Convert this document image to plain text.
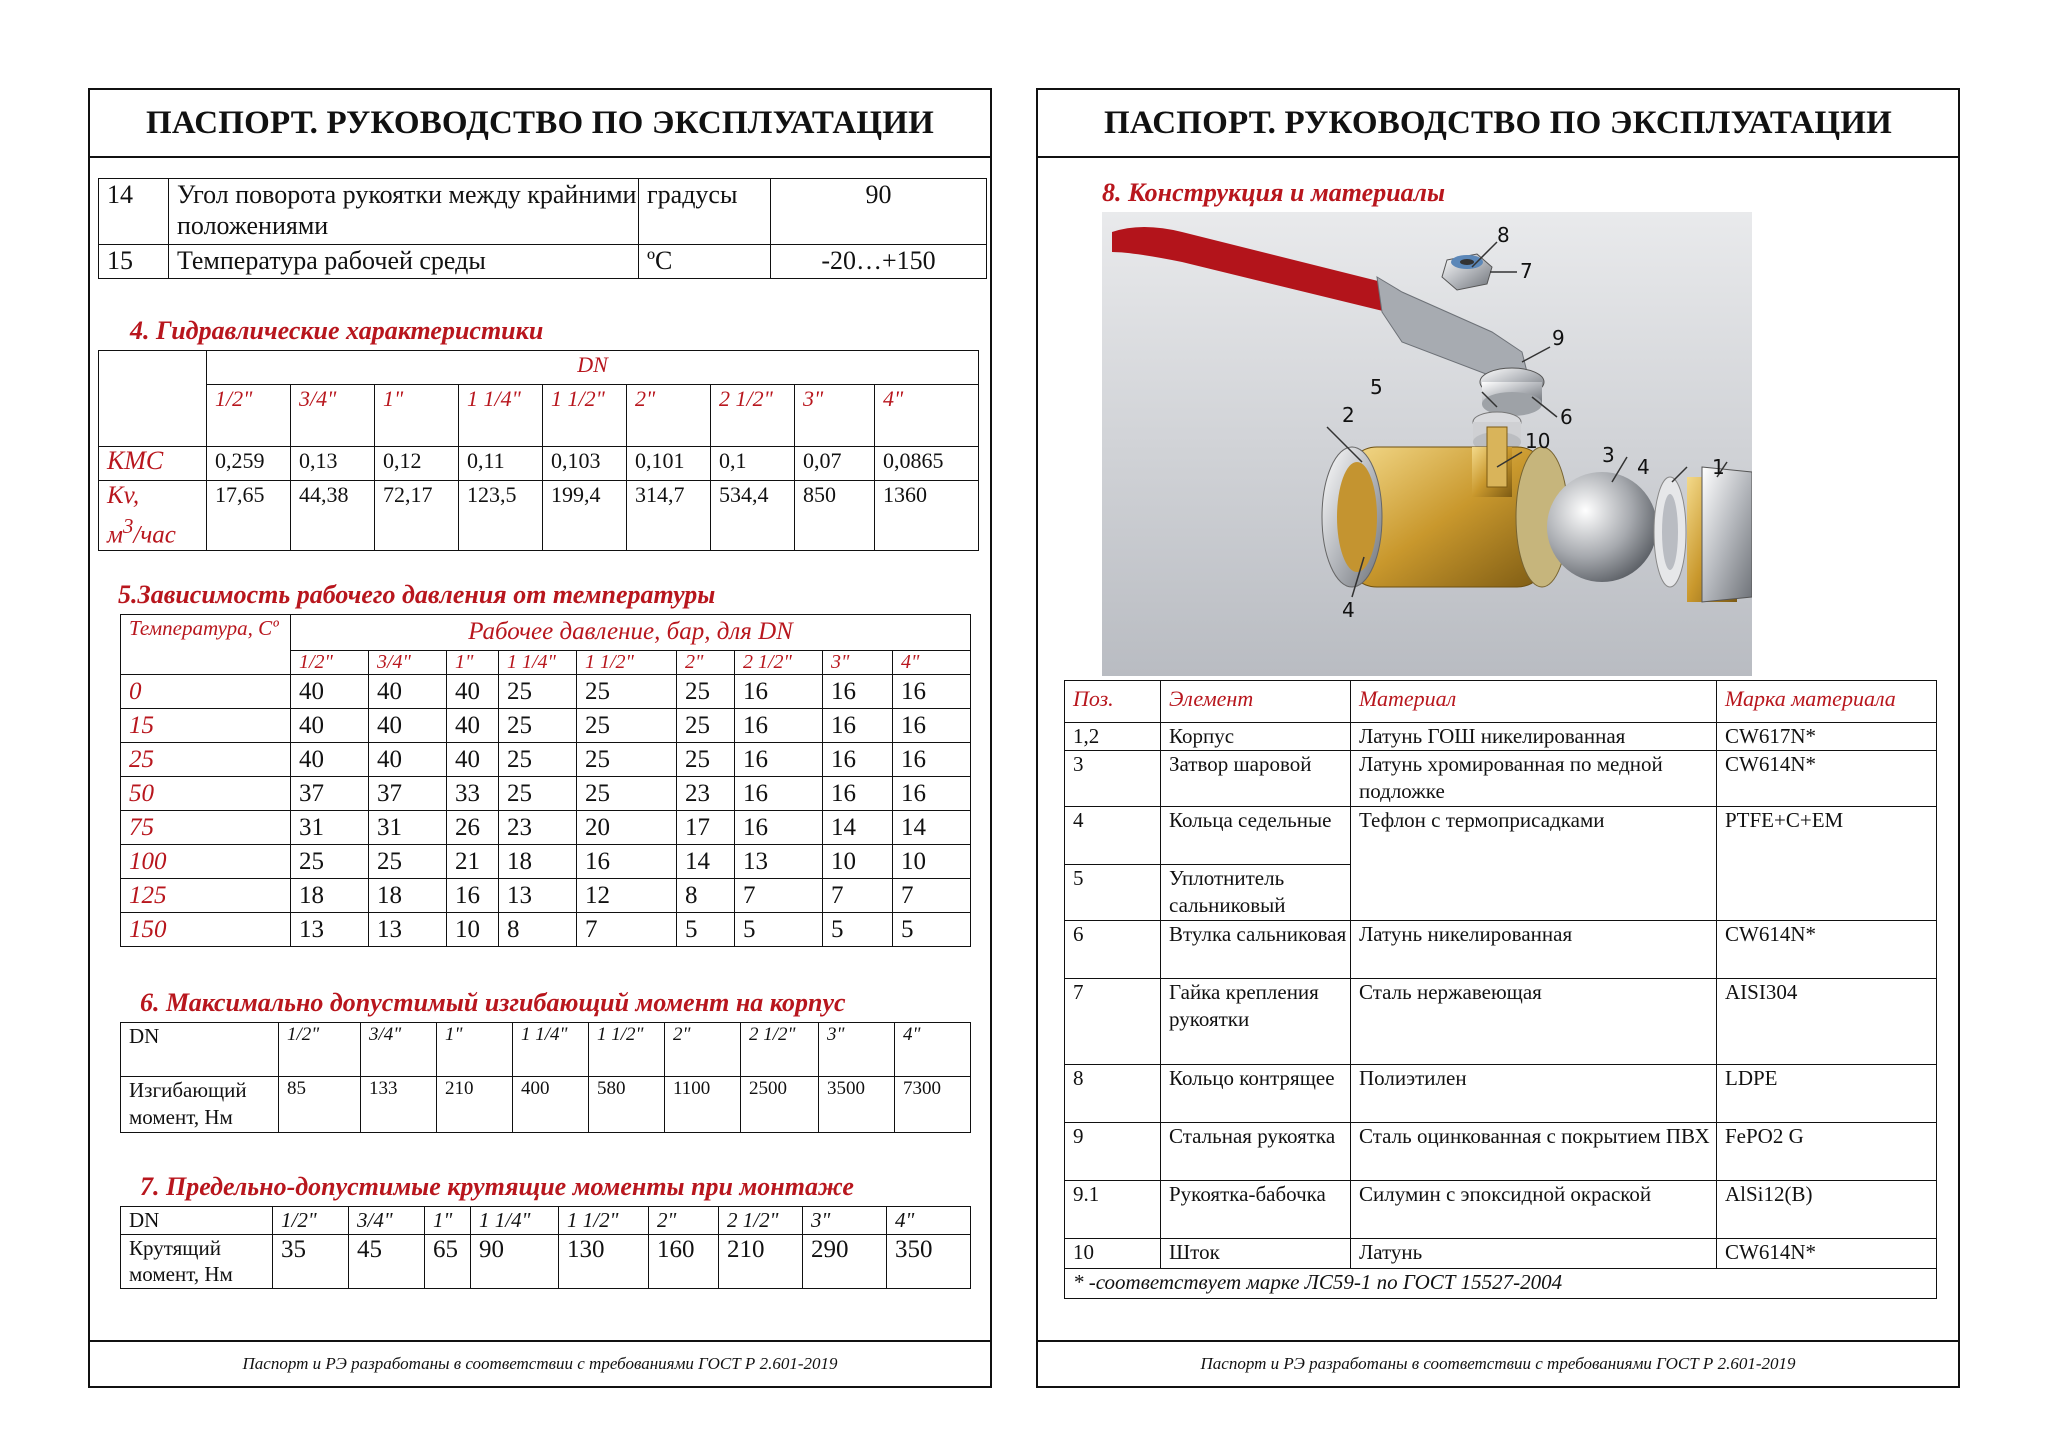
ПАСПОРТ. РУКОВОДСТВО ПО ЭКСПЛУАТАЦИИ
14	Угол поворота рукоятки между крайними положениями	градусы	90
15	Температура рабочей среды	ºС	-20…+150
4. Гидравлические характеристики
	DN								
	1/2"	3/4"	1"	1 1/4"	1 1/2"	2"	2 1/2"	3"	4"
КМС	0,259	0,13	0,12	0,11	0,103	0,101	0,1	0,07	0,0865
Kv,
$м^3$/час	17,65	44,38	72,17	123,5	199,4	314,7	534,4	850	1360
5.Зависимость рабочего давления от температуры
Температура, Сº	Рабочее давление, бар, для DN								
	1/2"	3/4"	1"	1 1/4"	1 1/2"	2"	2 1/2"	3"	4"
0	40	40	40	25	25	25	16	16	16
15	40	40	40	25	25	25	16	16	16
25	40	40	40	25	25	25	16	16	16
50	37	37	33	25	25	23	16	16	16
75	31	31	26	23	20	17	16	14	14
100	25	25	21	18	16	14	13	10	10
125	18	18	16	13	12	8	7	7	7
150	13	13	10	8	7	5	5	5	5
6. Максимально допустимый изгибающий момент на корпус
DN	1/2"	3/4"	1"	1 1/4"	1 1/2"	2"	2 1/2"	3"	4"
Изгибающий момент, Нм	85	133	210	400	580	1100	2500	3500	7300
7. Предельно-допустимые крутящие моменты при монтаже
DN	1/2"	3/4"	1"	1 1/4"	1 1/2"	2"	2 1/2"	3"	4"
Крутящий момент, Нм	35	45	65	90	130	160	210	290	350
Паспорт и РЭ разработаны в соответствии с требованиями ГОСТ Р 2.601-2019
ПАСПОРТ. РУКОВОДСТВО ПО ЭКСПЛУАТАЦИИ
8. Конструкция и материалы
8
7
9
5
6
2
10
3 4	1
4
Поз.	Элемент	Материал	Марка материала
1,2	Корпус	Латунь ГОШ никелированная	CW617N*
3	Затвор шаровой	Латунь хромированная по медной подложке	CW614N*
4	Кольца седельные	Тефлон с термоприсадками	PTFE+C+EM
5	Уплотнитель сальниковый		
6	Втулка сальниковая	Латунь никелированная	CW614N*
7	Гайка крепления рукоятки	Сталь нержавеющая	AISI304
8	Кольцо контрящее	Полиэтилен	LDPE
9	Стальная рукоятка	Сталь оцинкованная с покрытием ПВХ	FePO2 G
9.1	Рукоятка-бабочка	Силумин с эпоксидной окраской	AlSi12(B)
10	Шток	Латунь	CW614N*
* -соответствует марке ЛС59-1 по ГОСТ 15527-2004			
Паспорт и РЭ разработаны в соответствии с требованиями ГОСТ Р 2.601-2019
